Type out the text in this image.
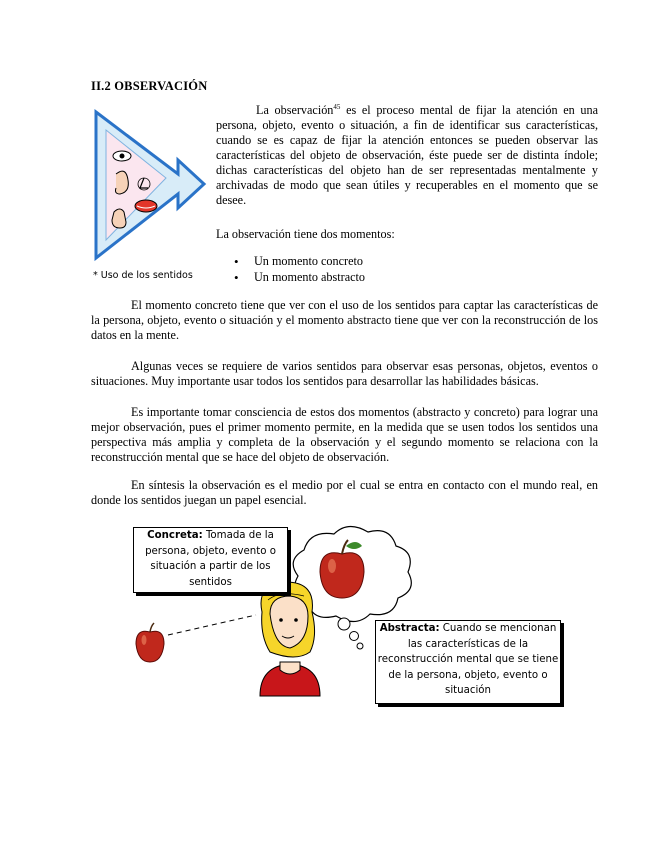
II.2 OBSERVACIÓN
* Uso de los sentidos
La observación$^{45}$ es el proceso mental de fijar la atención en una persona, objeto, evento o situación, a fin de identificar sus características, cuando se es capaz de fijar la atención entonces se pueden observar las características del objeto de observación, éste puede ser de distinta índole; dichas características del objeto han de ser representadas mentalmente y archivadas de modo que sean útiles y recuperables en el momento que se desee.
La observación tiene dos momentos:
• Un momento concreto
• Un momento abstracto
El momento concreto tiene que ver con el uso de los sentidos para captar las características de la persona, objeto, evento o situación y el momento abstracto tiene que ver con la reconstrucción de los datos en la mente.
Algunas veces se requiere de varios sentidos para observar esas personas, objetos, eventos o situaciones. Muy importante usar todos los sentidos para desarrollar las habilidades básicas.
Es importante tomar consciencia de estos dos momentos (abstracto y concreto) para lograr una mejor observación, pues el primer momento permite, en la medida que se usen todos los sentidos una perspectiva más amplia y completa de la observación y el segundo momento se relaciona con la reconstrucción mental que se hace del objeto de observación.
En síntesis la observación es el medio por el cual se entra en contacto con el mundo real, en donde los sentidos juegan un papel esencial.
Concreta: Tomada de la persona, objeto, evento o situación a partir de los sentidos
Abstracta: Cuando se mencionan las características de la reconstrucción mental que se tiene de la persona, objeto, evento o situación
